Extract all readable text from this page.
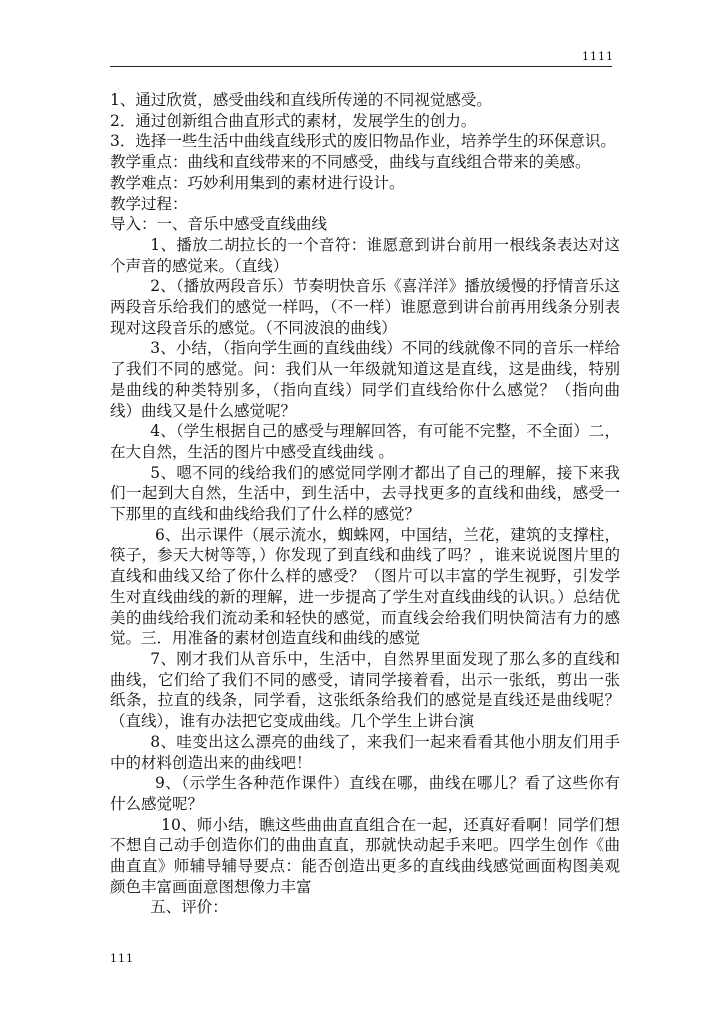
1111

1、通过欣赏，感受曲线和直线所传递的不同视觉感受。

2．通过创新组合曲直形式的素材，发展学生的创力。

3．选择一些生活中曲线直线形式的废旧物品作业，培养学生的环保意识。

教学重点：曲线和直线带来的不同感受，曲线与直线组合带来的美感。

教学难点：巧妙利用集到的素材进行设计。

教学过程：

导入：一、音乐中感受直线曲线

1、播放二胡拉长的一个音符：谁愿意到讲台前用一根线条表达对这个声音的感觉来。（直线）

2、（播放两段音乐）节奏明快音乐《喜洋洋》播放缓慢的抒情音乐这两段音乐给我们的感觉一样吗，（不一样）谁愿意到讲台前再用线条分别表现对这段音乐的感觉。（不同波浪的曲线）

3、小结，（指向学生画的直线曲线）不同的线就像不同的音乐一样给了我们不同的感觉。问：我们从一年级就知道这是直线，这是曲线，特别是曲线的种类特别多，（指向直线）同学们直线给你什么感觉？（指向曲线）曲线又是什么感觉呢？

4、（学生根据自己的感受与理解回答，有可能不完整，不全面）二，在大自然，生活的图片中感受直线曲线 。

5、嗯不同的线给我们的感觉同学刚才都出了自己的理解，接下来我们一起到大自然，生活中，到生活中，去寻找更多的直线和曲线，感受一下那里的直线和曲线给我们了什么样的感觉？

6、出示课件（展示流水，蜘蛛网，中国结，兰花，建筑的支撑柱，筷子，参天大树等等，）你发现了到直线和曲线了吗？，谁来说说图片里的直线和曲线又给了你什么样的感受？（图片可以丰富的学生视野，引发学生对直线曲线的新的理解，进一步提高了学生对直线曲线的认识。）总结优美的曲线给我们流动柔和轻快的感觉，而直线会给我们明快简洁有力的感觉。三．用准备的素材创造直线和曲线的感觉

7、刚才我们从音乐中，生活中，自然界里面发现了那么多的直线和曲线，它们给了我们不同的感受，请同学接着看，出示一张纸，剪出一张纸条，拉直的线条，同学看，这张纸条给我们的感觉是直线还是曲线呢？（直线），谁有办法把它变成曲线。几个学生上讲台演

8、哇变出这么漂亮的曲线了，来我们一起来看看其他小朋友们用手中的材料创造出来的曲线吧！

9、（示学生各种范作课件）直线在哪，曲线在哪儿？看了这些你有什么感觉呢？

10、师小结，瞧这些曲曲直直组合在一起，还真好看啊！同学们想不想自己动手创造你们的曲曲直直，那就快动起手来吧。四学生创作《曲曲直直》师辅导辅导要点：能否创造出更多的直线曲线感觉画面构图美观颜色丰富画面意图想像力丰富

五、评价：

111
